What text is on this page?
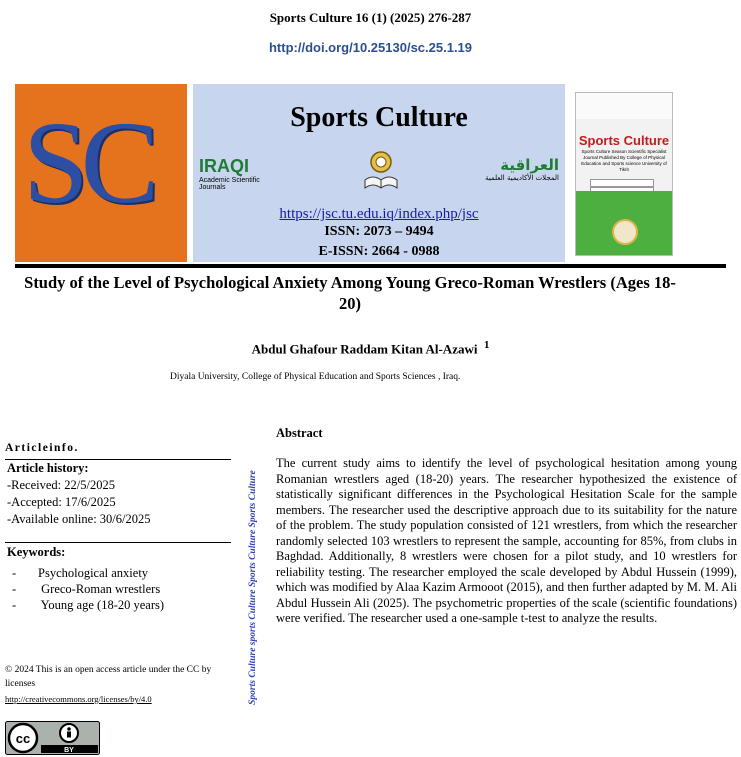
Sports Culture 16 (1) (2025) 276-287
http://doi.org/10.25130/sc.25.1.19
SC	Sports Culture
IRAQI
Academic Scientific Journals
العراقية
المجلات الأكاديمية العلمية
https://jsc.tu.edu.iq/index.php/jsc
ISSN: 2073 – 9494
E-ISSN: 2664 - 0988
Sports Culture
Sports Culture Season Scientific Specialist Journal Published By College of Physical Education and Sports science University of Tikrit
Study of the Level of Psychological Anxiety Among Young Greco-Roman Wrestlers (Ages 18-20)
Abdul Ghafour Raddam Kitan Al-Azawi $^1$
Diyala University, College of Physical Education and Sports Sciences , Iraq.
Articleinfo.
Article history:
-Received: 22/5/2025
-Accepted: 17/6/2025
-Available online: 30/6/2025
Keywords:
- Psychological anxiety
- Greco-Roman wrestlers
- Young age (18-20 years)
© 2024 This is an open access article under the CC by licenses
http://creativecommons.org/licenses/by/4.0
cc
BY
Sports Culture sports Culture Sports Culture Sports Culture
Abstract
The current study aims to identify the level of psychological hesitation among young Romanian wrestlers aged (18-20) years. The researcher hypothesized the existence of statistically significant differences in the Psychological Hesitation Scale for the sample members. The researcher used the descriptive approach due to its suitability for the nature of the problem. The study population consisted of 121 wrestlers, from which the researcher randomly selected 103 wrestlers to represent the sample, accounting for 85%, from clubs in Baghdad. Additionally, 8 wrestlers were chosen for a pilot study, and 10 wrestlers for reliability testing. The researcher employed the scale developed by Abdul Hussein (1999), which was modified by Alaa Kazim Armooot (2015), and then further adapted by M. M. Ali Abdul Hussein Ali (2025). The psychometric properties of the scale (scientific foundations) were verified. The researcher used a one-sample t-test to analyze the results.
